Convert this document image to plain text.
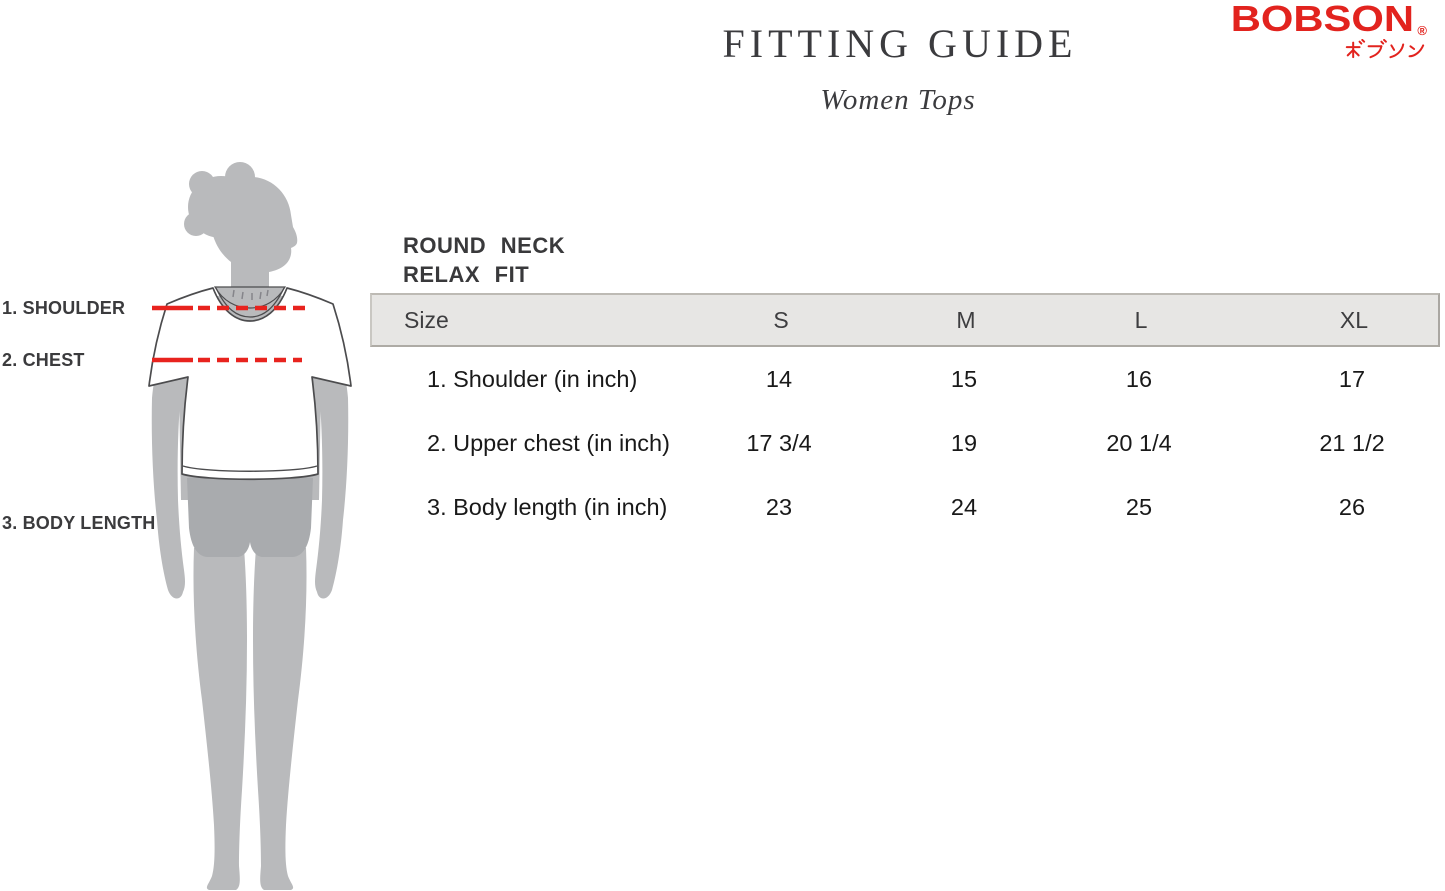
FITTING GUIDE
Women Tops
BOBSON ®
1. SHOULDER
2. CHEST
3. BODY LENGTH
ROUND NECK
RELAX FIT
Size	S	M	L	XL
1. Shoulder (in inch)	14	15	16	17
2. Upper chest (in inch)	17 3/4	19	20 1/4	21 1/2
3. Body length (in inch)	23	24	25	26
